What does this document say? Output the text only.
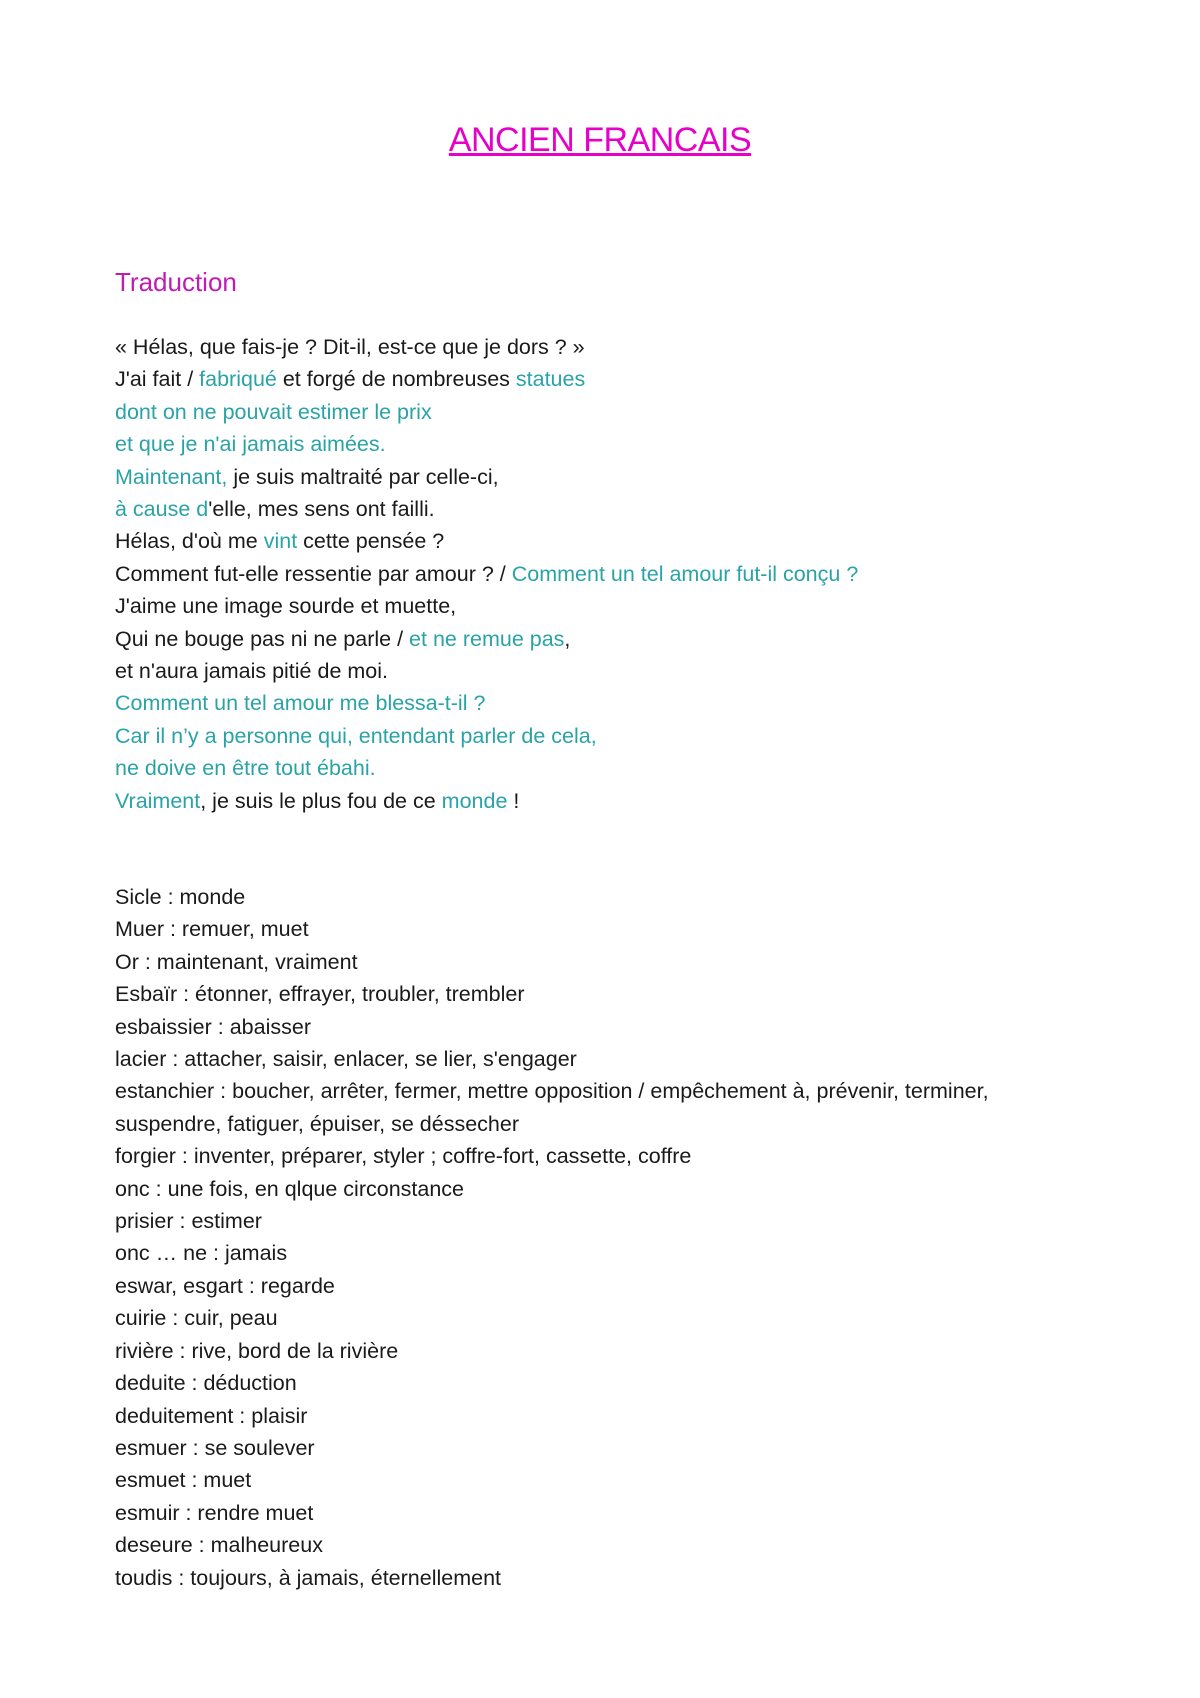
ANCIEN FRANCAIS
Traduction
« Hélas, que fais-je ? Dit-il, est-ce que je dors ? »
J'ai fait / fabriqué et forgé de nombreuses statues
dont on ne pouvait estimer le prix
et que je n'ai jamais aimées.
Maintenant, je suis maltraité par celle-ci,
à cause d'elle, mes sens ont failli.
Hélas, d'où me vint cette pensée ?
Comment fut-elle ressentie par amour ? / Comment un tel amour fut-il conçu ?
J'aime une image sourde et muette,
Qui ne bouge pas ni ne parle / et ne remue pas,
et n'aura jamais pitié de moi.
Comment un tel amour me blessa-t-il ?
Car il n’y a personne qui, entendant parler de cela,
ne doive en être tout ébahi.
Vraiment, je suis le plus fou de ce monde !
Sicle : monde
Muer : remuer, muet
Or : maintenant, vraiment
Esbaïr : étonner, effrayer, troubler, trembler
esbaissier : abaisser
lacier : attacher, saisir, enlacer, se lier, s'engager
estanchier : boucher, arrêter, fermer, mettre opposition / empêchement à, prévenir, terminer,
suspendre, fatiguer, épuiser, se déssecher
forgier : inventer, préparer, styler ; coffre-fort, cassette, coffre
onc : une fois, en qlque circonstance
prisier : estimer
onc … ne : jamais
eswar, esgart : regarde
cuirie : cuir, peau
rivière : rive, bord de la rivière
deduite : déduction
deduitement : plaisir
esmuer : se soulever
esmuet : muet
esmuir : rendre muet
deseure : malheureux
toudis : toujours, à jamais, éternellement
